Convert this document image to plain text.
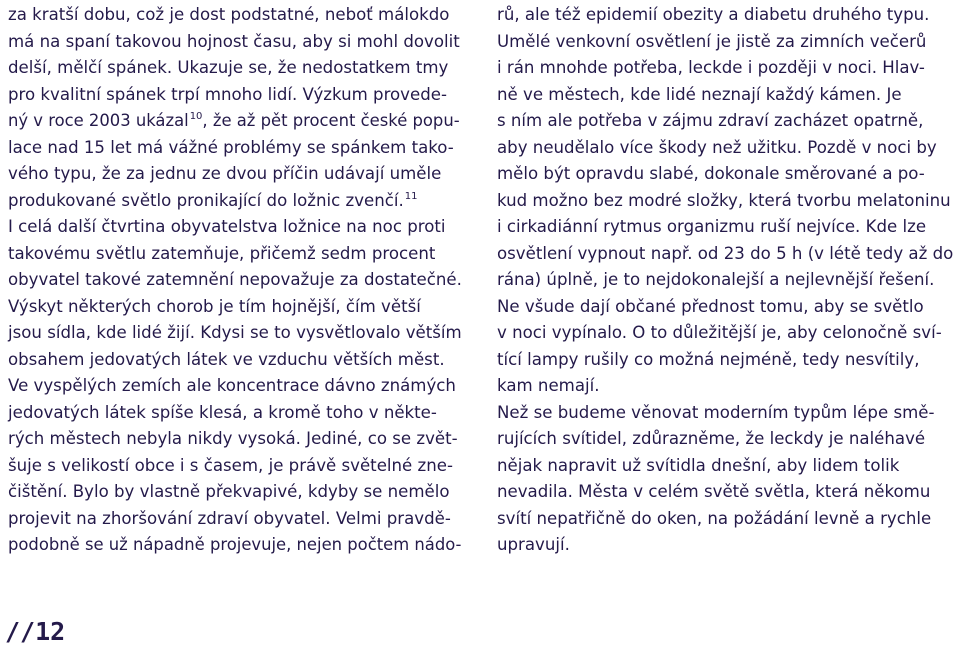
za kratší dobu, což je dost podstatné, neboť málokdo
má na spaní takovou hojnost času, aby si mohl dovolit
delší, mělčí spánek. Ukazuje se, že nedostatkem tmy
pro kvalitní spánek trpí mnoho lidí. Výzkum provede-
ný v roce 2003 ukázal$^{10}$, že až pět procent české popu-
lace nad 15 let má vážné problémy se spánkem tako-
vého typu, že za jednu ze dvou příčin udávají uměle
produkované světlo pronikající do ložnic zvenčí.$^{11}$
I celá další čtvrtina obyvatelstva ložnice na noc proti
takovému světlu zatemňuje, přičemž sedm procent
obyvatel takové zatemnění nepovažuje za dostatečné.
Výskyt některých chorob je tím hojnější, čím větší
jsou sídla, kde lidé žijí. Kdysi se to vysvětlovalo větším
obsahem jedovatých látek ve vzduchu větších měst.
Ve vyspělých zemích ale koncentrace dávno známých
jedovatých látek spíše klesá, a kromě toho v někte-
rých městech nebyla nikdy vysoká. Jediné, co se zvět-
šuje s velikostí obce i s časem, je právě světelné zne-
čištění. Bylo by vlastně překvapivé, kdyby se nemělo
projevit na zhoršování zdraví obyvatel. Velmi pravdě-
podobně se už nápadně projevuje, nejen počtem nádo-
rů, ale též epidemií obezity a diabetu druhého typu.
Umělé venkovní osvětlení je jistě za zimních večerů
i rán mnohde potřeba, leckde i později v noci. Hlav-
ně ve městech, kde lidé neznají každý kámen. Je
s ním ale potřeba v zájmu zdraví zacházet opatrně,
aby neudělalo více škody než užitku. Pozdě v noci by
mělo být opravdu slabé, dokonale směrované a po-
kud možno bez modré složky, která tvorbu melatoninu
i cirkadiánní rytmus organizmu ruší nejvíce. Kde lze
osvětlení vypnout např. od 23 do 5 h (v létě tedy až do
rána) úplně, je to nejdokonalejší a nejlevnější řešení.
Ne všude dají občané přednost tomu, aby se světlo
v noci vypínalo. O to důležitější je, aby celonočně sví-
tící lampy rušily co možná nejméně, tedy nesvítily,
kam nemají.
Než se budeme věnovat moderním typům lépe smě-
rujících svítidel, zdůrazněme, že leckdy je naléhavé
nějak napravit už svítidla dnešní, aby lidem tolik
nevadila. Města v celém světě světla, která někomu
svítí nepatřičně do oken, na požádání levně a rychle
upravují.
//12
